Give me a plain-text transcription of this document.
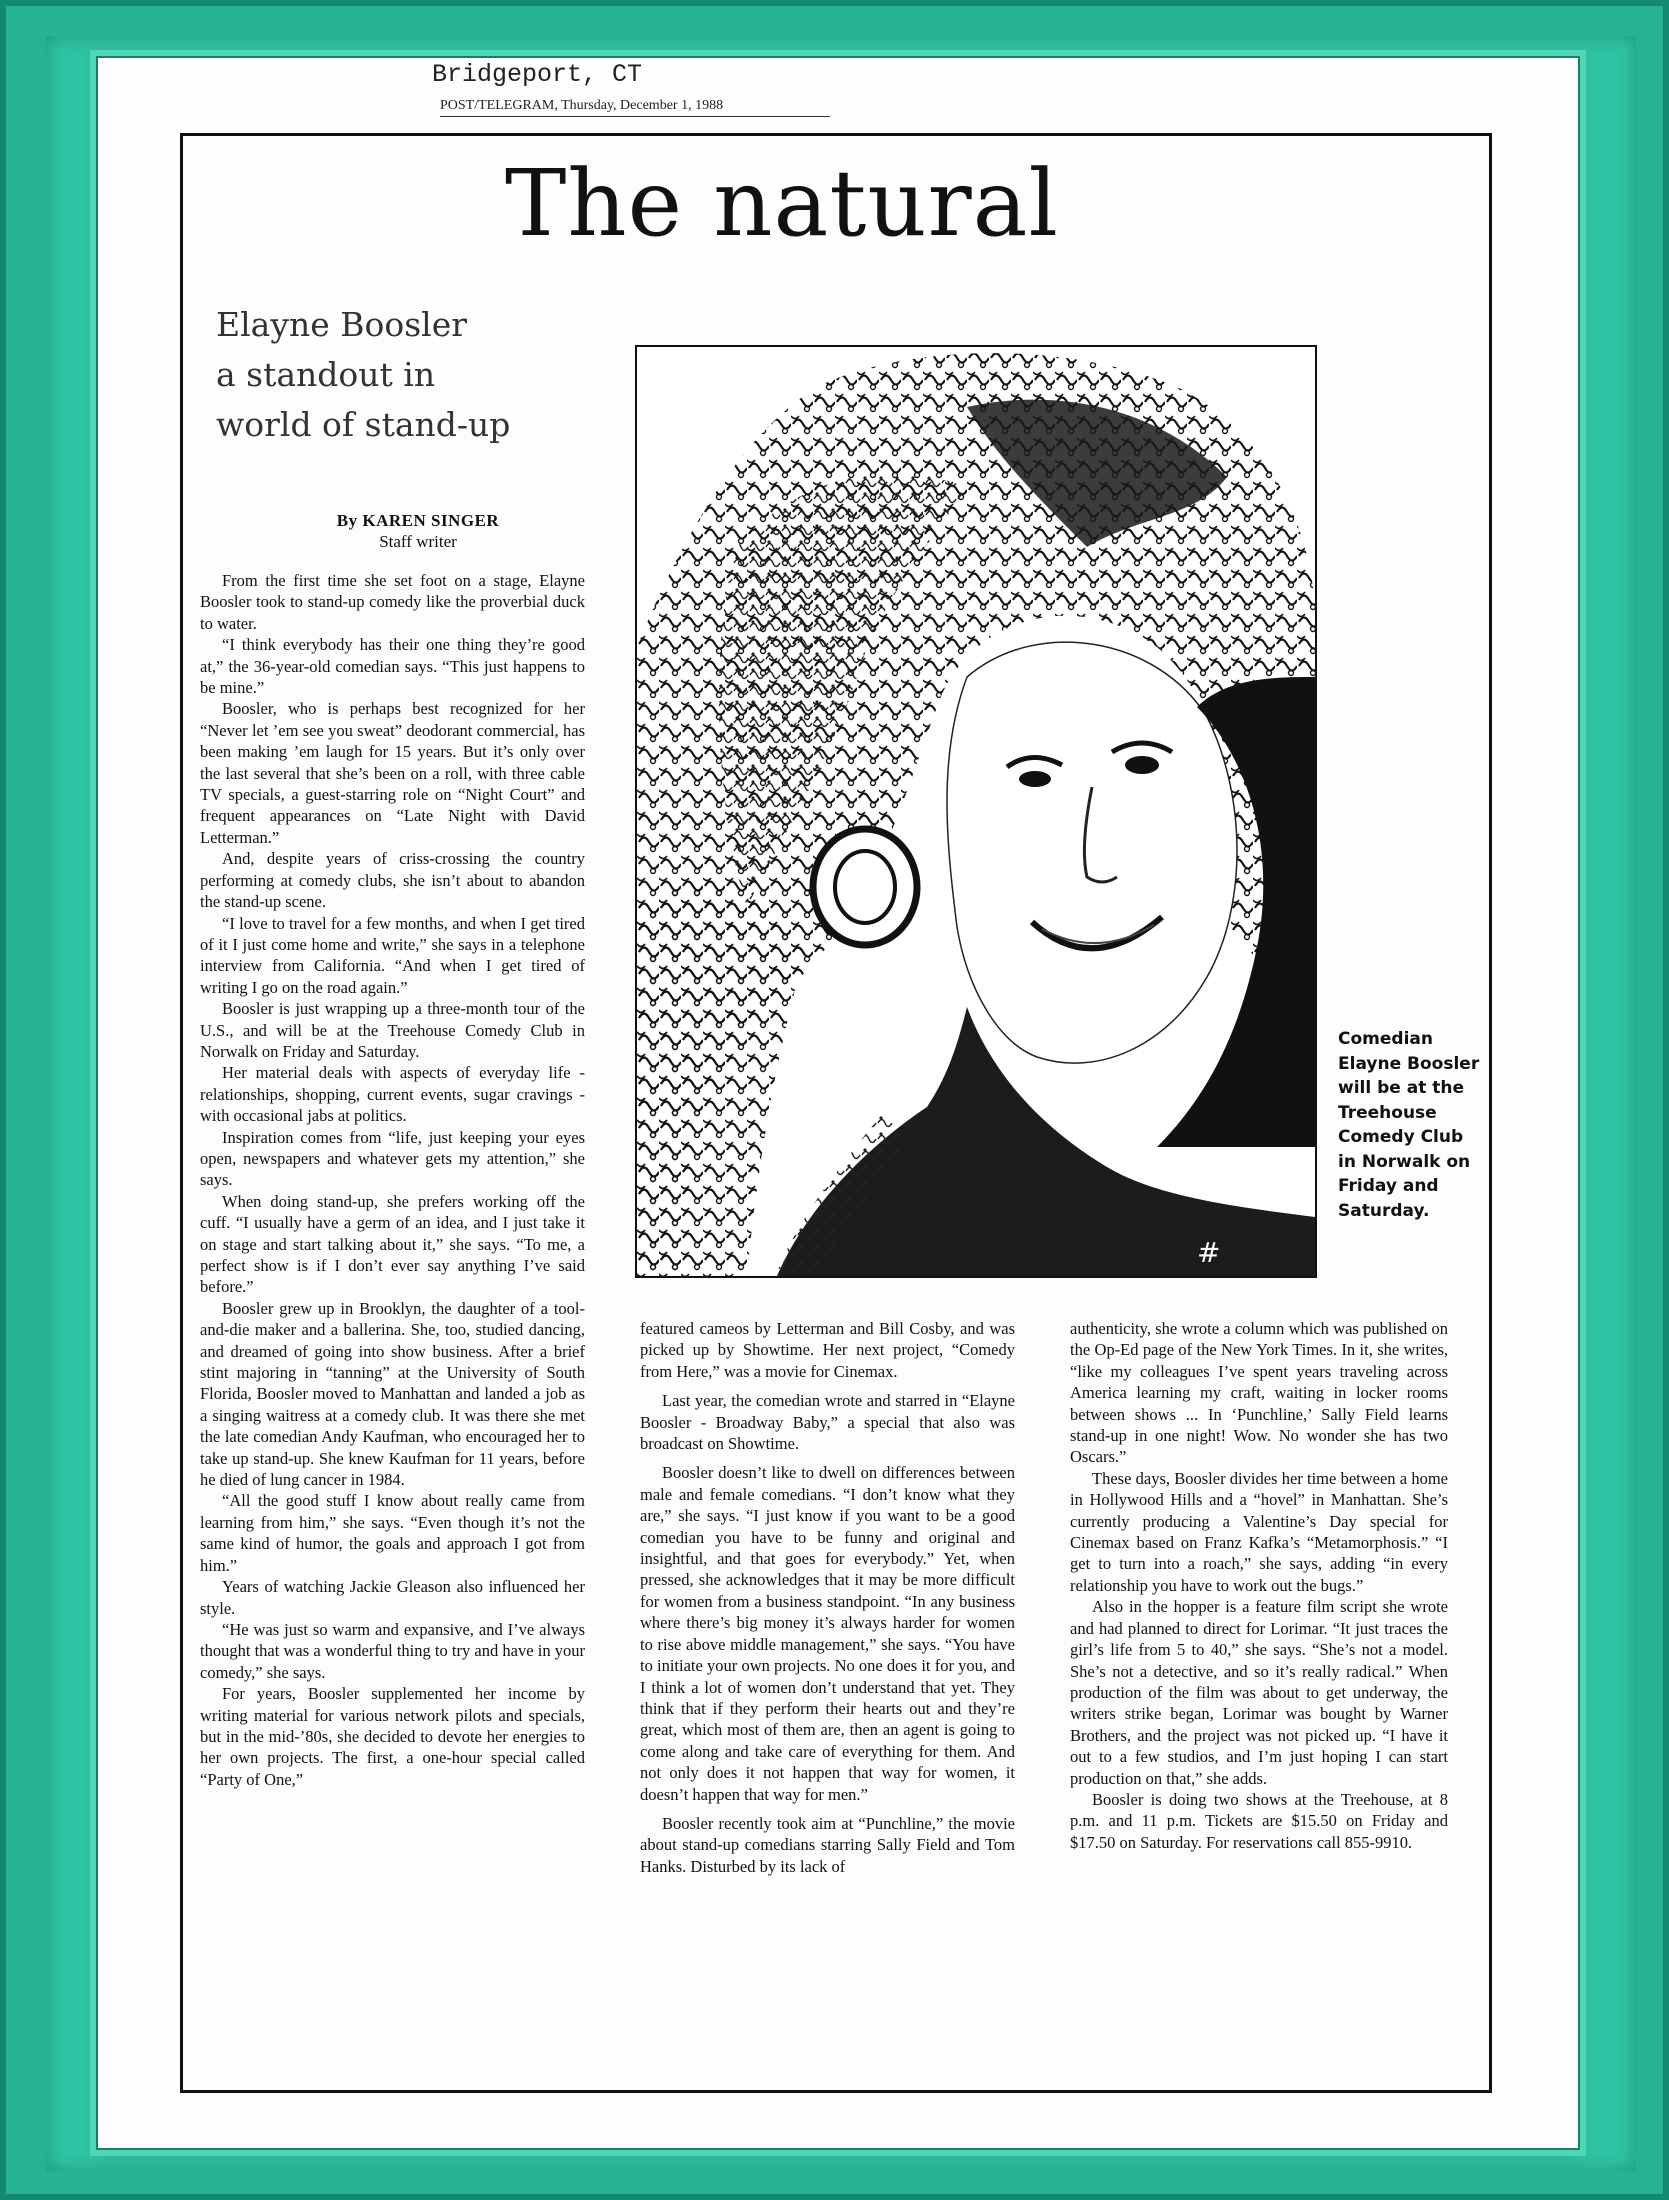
Bridgeport, CT
POST/TELEGRAM, Thursday, December 1, 1988
The natural
Elayne Boosler
a standout in
world of stand-up
By KAREN SINGER
Staff writer

From the first time she set foot on a stage, Elayne Boosler took to stand-up comedy like the proverbial duck to water.

“I think everybody has their one thing they’re good at,” the 36-year-old comedian says. “This just happens to be mine.”

Boosler, who is perhaps best recognized for her “Never let ’em see you sweat” deodorant commercial, has been making ’em laugh for 15 years. But it’s only over the last several that she’s been on a roll, with three cable TV specials, a guest-starring role on “Night Court” and frequent appearances on “Late Night with David Letterman.”

And, despite years of criss-crossing the country performing at comedy clubs, she isn’t about to abandon the stand-up scene.

“I love to travel for a few months, and when I get tired of it I just come home and write,” she says in a telephone interview from California. “And when I get tired of writing I go on the road again.”

Boosler is just wrapping up a three-month tour of the U.S., and will be at the Treehouse Comedy Club in Norwalk on Friday and Saturday.

Her material deals with aspects of everyday life - relationships, shopping, current events, sugar cravings - with occasional jabs at politics.

Inspiration comes from “life, just keeping your eyes open, newspapers and whatever gets my attention,” she says.

When doing stand-up, she prefers working off the cuff. “I usually have a germ of an idea, and I just take it on stage and start talking about it,” she says. “To me, a perfect show is if I don’t ever say anything I’ve said before.”

Boosler grew up in Brooklyn, the daughter of a tool-and-die maker and a ballerina. She, too, studied dancing, and dreamed of going into show business. After a brief stint majoring in “tanning” at the University of South Florida, Boosler moved to Manhattan and landed a job as a singing waitress at a comedy club. It was there she met the late comedian Andy Kaufman, who encouraged her to take up stand-up. She knew Kaufman for 11 years, before he died of lung cancer in 1984.

“All the good stuff I know about really came from learning from him,” she says. “Even though it’s not the same kind of humor, the goals and approach I got from him.”

Years of watching Jackie Gleason also influenced her style.

“He was just so warm and expansive, and I’ve always thought that was a wonderful thing to try and have in your comedy,” she says.

For years, Boosler supplemented her income by writing material for various network pilots and specials, but in the mid-’80s, she decided to devote her energies to her own projects. The first, a one-hour special called “Party of One,”

#
Comedian Elayne Boosler will be at the Treehouse Comedy Club in Norwalk on Friday and Saturday.

featured cameos by Letterman and Bill Cosby, and was picked up by Showtime. Her next project, “Comedy from Here,” was a movie for Cinemax.

Last year, the comedian wrote and starred in “Elayne Boosler - Broadway Baby,” a special that also was broadcast on Showtime.

Boosler doesn’t like to dwell on differences between male and female comedians. “I don’t know what they are,” she says. “I just know if you want to be a good comedian you have to be funny and original and insightful, and that goes for everybody.” Yet, when pressed, she acknowledges that it may be more difficult for women from a business standpoint. “In any business where there’s big money it’s always harder for women to rise above middle management,” she says. “You have to initiate your own projects. No one does it for you, and I think a lot of women don’t understand that yet. They think that if they perform their hearts out and they’re great, which most of them are, then an agent is going to come along and take care of everything for them. And not only does it not happen that way for women, it doesn’t happen that way for men.”

Boosler recently took aim at “Punchline,” the movie about stand-up comedians starring Sally Field and Tom Hanks. Disturbed by its lack of

authenticity, she wrote a column which was published on the Op-Ed page of the New York Times. In it, she writes, “like my colleagues I’ve spent years traveling across America learning my craft, waiting in locker rooms between shows ... In ‘Punchline,’ Sally Field learns stand-up in one night! Wow. No wonder she has two Oscars.”

These days, Boosler divides her time between a home in Hollywood Hills and a “hovel” in Manhattan. She’s currently producing a Valentine’s Day special for Cinemax based on Franz Kafka’s “Metamorphosis.” “I get to turn into a roach,” she says, adding “in every relationship you have to work out the bugs.”

Also in the hopper is a feature film script she wrote and had planned to direct for Lorimar. “It just traces the girl’s life from 5 to 40,” she says. “She’s not a model. She’s not a detective, and so it’s really radical.” When production of the film was about to get underway, the writers strike began, Lorimar was bought by Warner Brothers, and the project was not picked up. “I have it out to a few studios, and I’m just hoping I can start production on that,” she adds.

Boosler is doing two shows at the Treehouse, at 8 p.m. and 11 p.m. Tickets are $15.50 on Friday and $17.50 on Saturday. For reservations call 855-9910.
